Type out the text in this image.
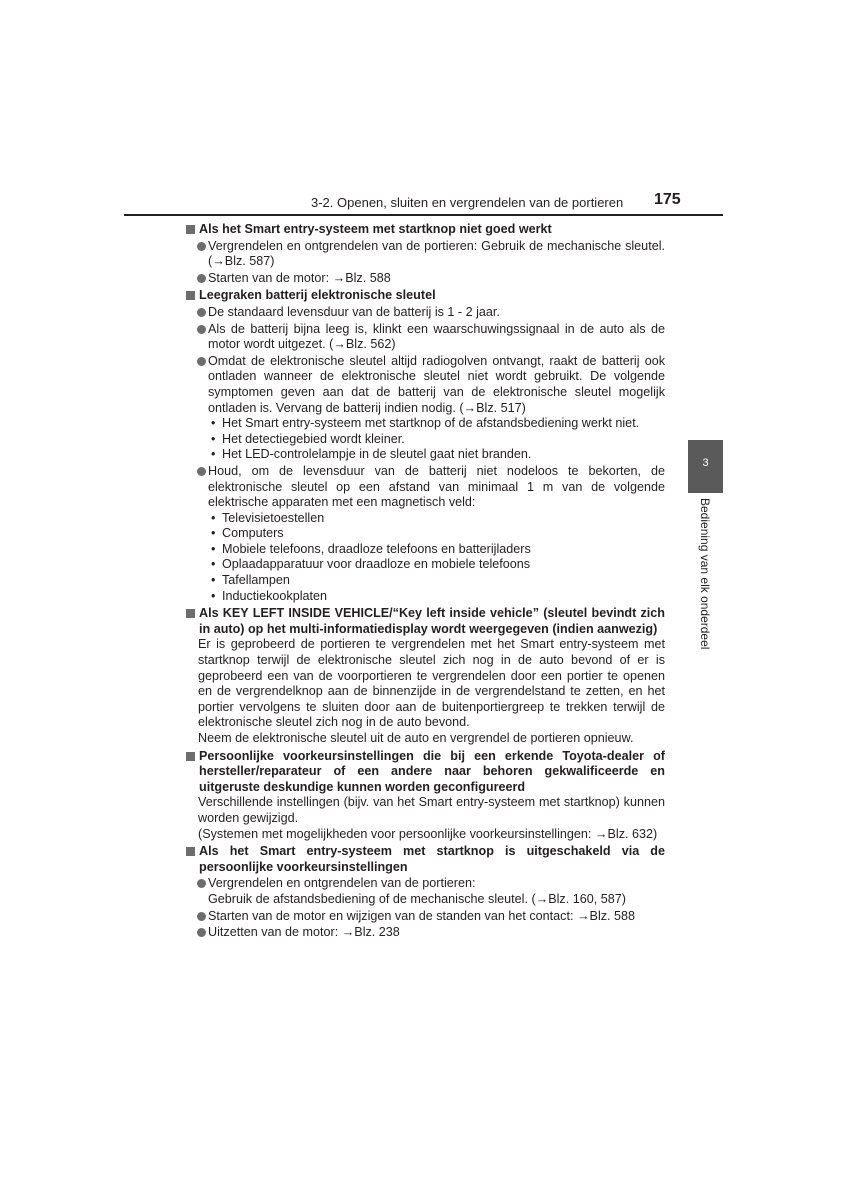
3-2. Openen, sluiten en vergrendelen van de portieren 175
3
Bediening van elk onderdeel
Als het Smart entry-systeem met startknop niet goed werkt
Vergrendelen en ontgrendelen van de portieren: Gebruik de mechanische sleutel. (→Blz. 587)
Starten van de motor: →Blz. 588
Leegraken batterij elektronische sleutel
De standaard levensduur van de batterij is 1 - 2 jaar.
Als de batterij bijna leeg is, klinkt een waarschuwingssignaal in de auto als de motor wordt uitgezet. (→Blz. 562)
Omdat de elektronische sleutel altijd radiogolven ontvangt, raakt de batterij ook ontladen wanneer de elektronische sleutel niet wordt gebruikt. De volgende symptomen geven aan dat de batterij van de elektronische sleutel mogelijk ontladen is. Vervang de batterij indien nodig. (→Blz. 517)
• Het Smart entry-systeem met startknop of de afstandsbediening werkt niet.
• Het detectiegebied wordt kleiner.
• Het LED-controlelampje in de sleutel gaat niet branden.
Houd, om de levensduur van de batterij niet nodeloos te bekorten, de elektronische sleutel op een afstand van minimaal 1 m van de volgende elektrische apparaten met een magnetisch veld:
• Televisietoestellen
• Computers
• Mobiele telefoons, draadloze telefoons en batterijladers
• Oplaadapparatuur voor draadloze en mobiele telefoons
• Tafellampen
• Inductiekookplaten
Als KEY LEFT INSIDE VEHICLE/“Key left inside vehicle” (sleutel bevindt zich in auto) op het multi-informatiedisplay wordt weergegeven (indien aanwezig)
Er is geprobeerd de portieren te vergrendelen met het Smart entry-systeem met startknop terwijl de elektronische sleutel zich nog in de auto bevond of er is geprobeerd een van de voorportieren te vergrendelen door een portier te openen en de vergrendelknop aan de binnenzijde in de vergrendelstand te zetten, en het portier vervolgens te sluiten door aan de buitenportiergreep te trekken terwijl de elektronische sleutel zich nog in de auto bevond.
Neem de elektronische sleutel uit de auto en vergrendel de portieren opnieuw.
Persoonlijke voorkeursinstellingen die bij een erkende Toyota-dealer of hersteller/reparateur of een andere naar behoren gekwalificeerde en uitgeruste deskundige kunnen worden geconfigureerd
Verschillende instellingen (bijv. van het Smart entry-systeem met startknop) kunnen worden gewijzigd.
(Systemen met mogelijkheden voor persoonlijke voorkeursinstellingen: →Blz. 632)
Als het Smart entry-systeem met startknop is uitgeschakeld via de persoonlijke voorkeursinstellingen
Vergrendelen en ontgrendelen van de portieren:
Gebruik de afstandsbediening of de mechanische sleutel. (→Blz. 160, 587)
Starten van de motor en wijzigen van de standen van het contact: →Blz. 588
Uitzetten van de motor: →Blz. 238
